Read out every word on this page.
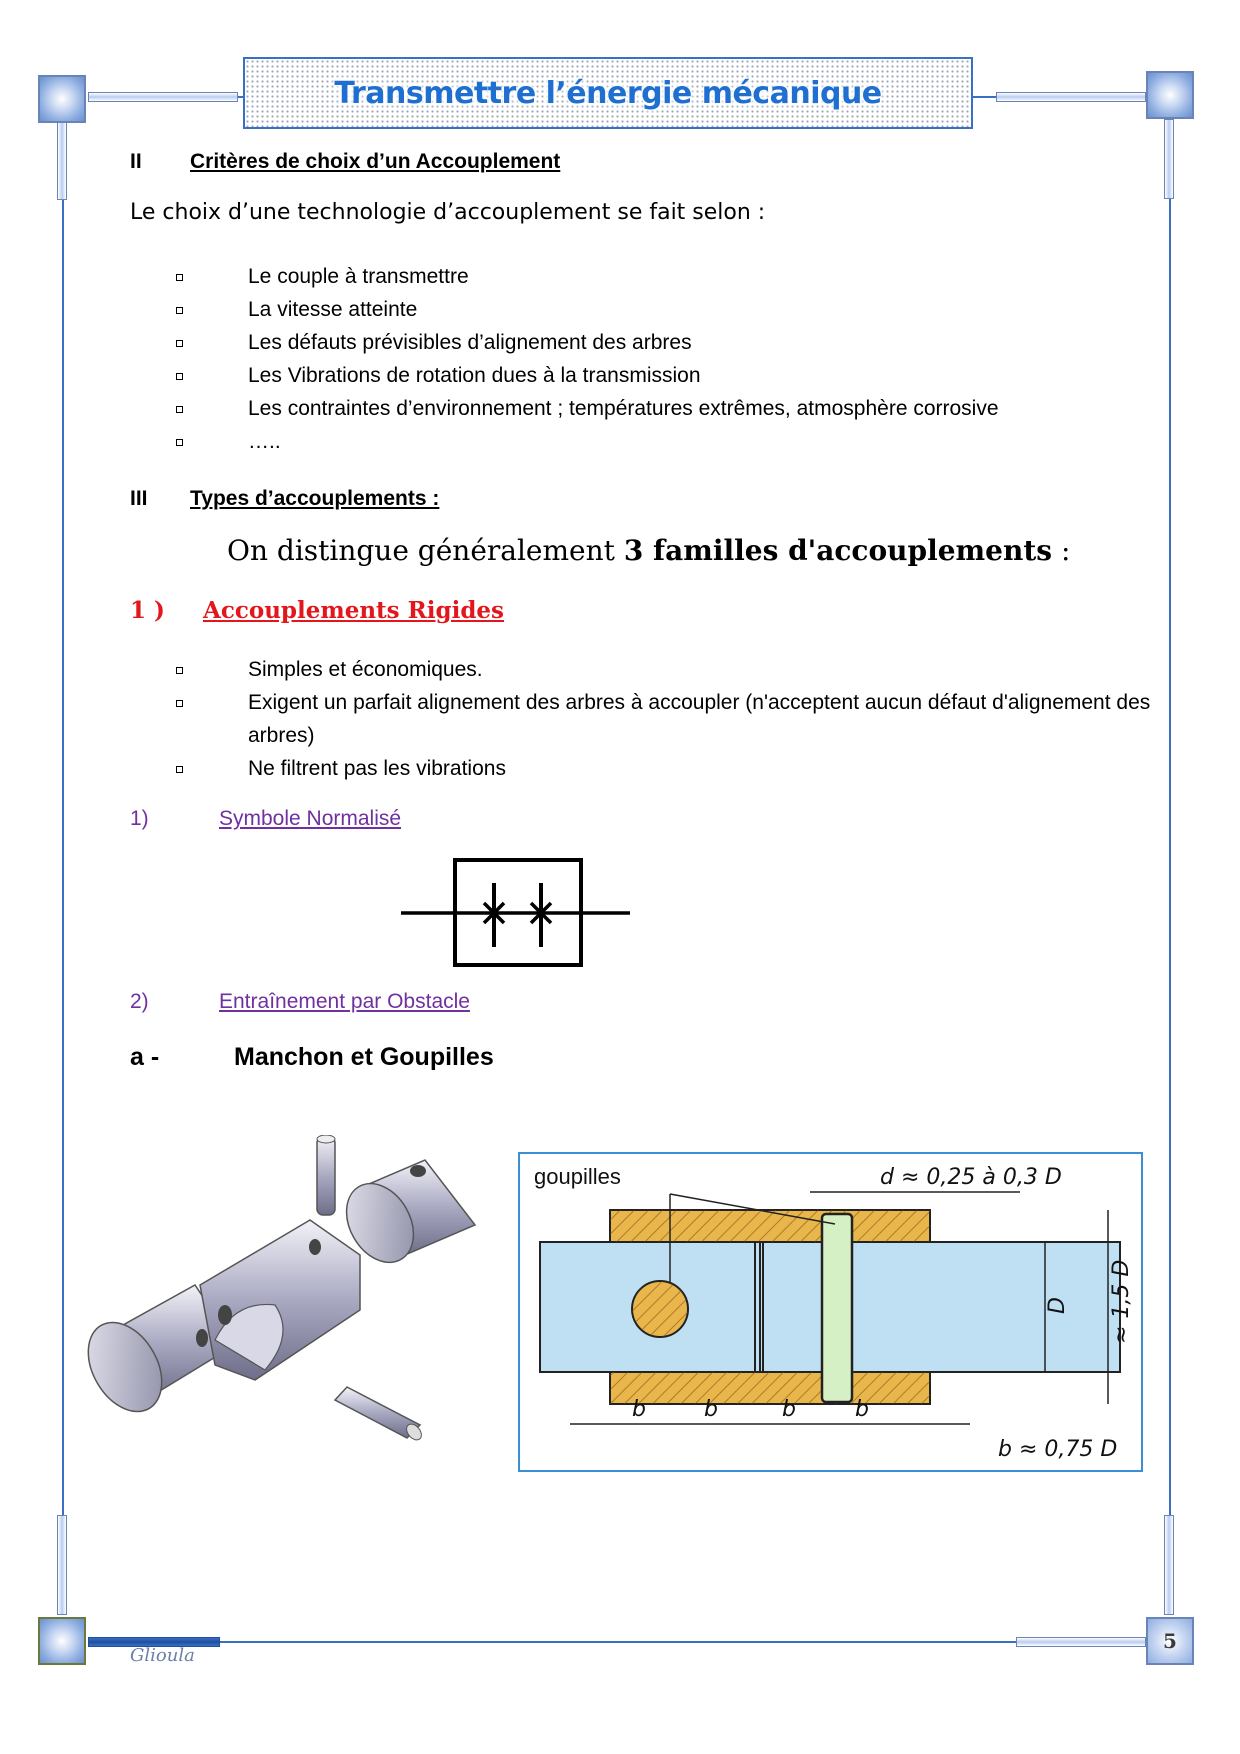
Transmettre l’énergie mécanique
II Critères de choix d’un Accouplement
Le choix d’une technologie d’accouplement se fait selon :
Le couple à transmettre
La vitesse atteinte
Les défauts prévisibles d’alignement des arbres
Les Vibrations de rotation dues à la transmission
Les contraintes d’environnement ; températures extrêmes, atmosphère corrosive
…..
III Types d’accouplements :
On distingue généralement 3 familles d'accouplements :
1 ) Accouplements Rigides
Simples et économiques.
Exigent un parfait alignement des arbres à accoupler (n'acceptent aucun défaut d'alignement des arbres)
Ne filtrent pas les vibrations
1)	Symbole Normalisé
2)	Entraînement par Obstacle
a -	Manchon et Goupilles
goupilles	d ≈ 0,25 à 0,3 D
D ≈ 1,5 D
b	b	b	b
b ≈ 0,75 D
Glioula
5
